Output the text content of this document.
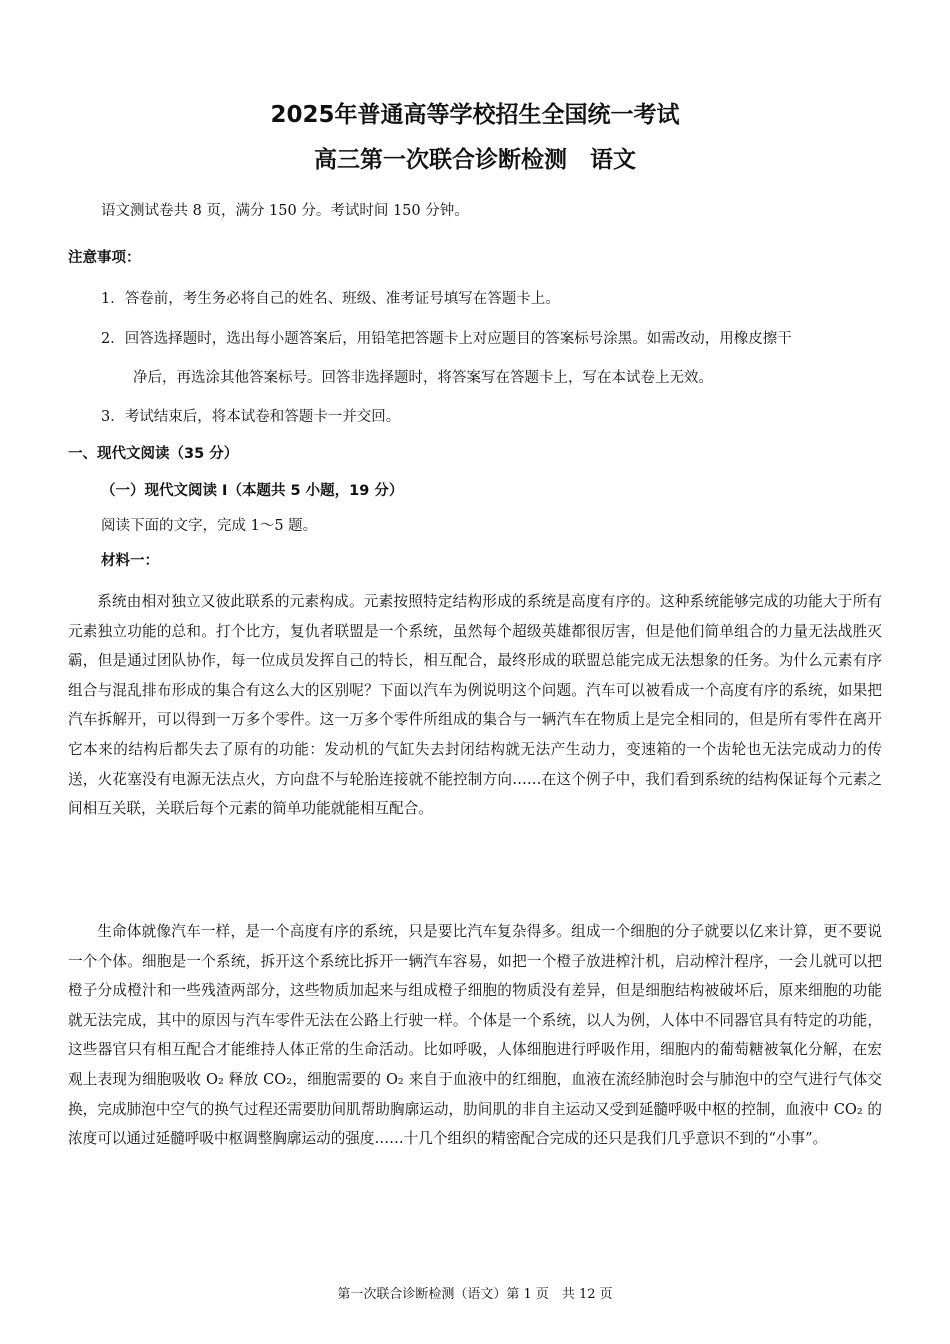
2025年普通高等学校招生全国统一考试
高三第一次联合诊断检测　语文
语文测试卷共 8 页，满分 150 分。考试时间 150 分钟。
注意事项：
1．答卷前，考生务必将自己的姓名、班级、准考证号填写在答题卡上。
2．回答选择题时，选出每小题答案后，用铅笔把答题卡上对应题目的答案标号涂黑。如需改动，用橡皮擦干
净后，再选涂其他答案标号。回答非选择题时，将答案写在答题卡上，写在本试卷上无效。
3．考试结束后，将本试卷和答题卡一并交回。
一、现代文阅读（35 分）
（一）现代文阅读 I（本题共 5 小题，19 分）
阅读下面的文字，完成 1～5 题。
材料一：

系统由相对独立又彼此联系的元素构成。元素按照特定结构形成的系统是高度有序的。这种系统能够完成的功能大于所有元素独立功能的总和。打个比方，复仇者联盟是一个系统，虽然每个超级英雄都很厉害，但是他们简单组合的力量无法战胜灭霸，但是通过团队协作，每一位成员发挥自己的特长，相互配合，最终形成的联盟总能完成无法想象的任务。为什么元素有序组合与混乱排布形成的集合有这么大的区别呢？下面以汽车为例说明这个问题。汽车可以被看成一个高度有序的系统，如果把汽车拆解开，可以得到一万多个零件。这一万多个零件所组成的集合与一辆汽车在物质上是完全相同的，但是所有零件在离开它本来的结构后都失去了原有的功能：发动机的气缸失去封闭结构就无法产生动力，变速箱的一个齿轮也无法完成动力的传送，火花塞没有电源无法点火，方向盘不与轮胎连接就不能控制方向……在这个例子中，我们看到系统的结构保证每个元素之间相互关联，关联后每个元素的简单功能就能相互配合。

生命体就像汽车一样，是一个高度有序的系统，只是要比汽车复杂得多。组成一个细胞的分子就要以亿来计算，更不要说一个个体。细胞是一个系统，拆开这个系统比拆开一辆汽车容易，如把一个橙子放进榨汁机，启动榨汁程序，一会儿就可以把橙子分成橙汁和一些残渣两部分，这些物质加起来与组成橙子细胞的物质没有差异，但是细胞结构被破坏后，原来细胞的功能就无法完成，其中的原因与汽车零件无法在公路上行驶一样。个体是一个系统，以人为例，人体中不同器官具有特定的功能，这些器官只有相互配合才能维持人体正常的生命活动。比如呼吸，人体细胞进行呼吸作用，细胞内的葡萄糖被氧化分解，在宏观上表现为细胞吸收 O₂ 释放 CO₂，细胞需要的 O₂ 来自于血液中的红细胞，血液在流经肺泡时会与肺泡中的空气进行气体交换，完成肺泡中空气的换气过程还需要肋间肌帮助胸廓运动，肋间肌的非自主运动又受到延髓呼吸中枢的控制，血液中 CO₂ 的浓度可以通过延髓呼吸中枢调整胸廓运动的强度……十几个组织的精密配合完成的还只是我们几乎意识不到的“小事”。

第一次联合诊断检测（语文）第 1 页　共 12 页
